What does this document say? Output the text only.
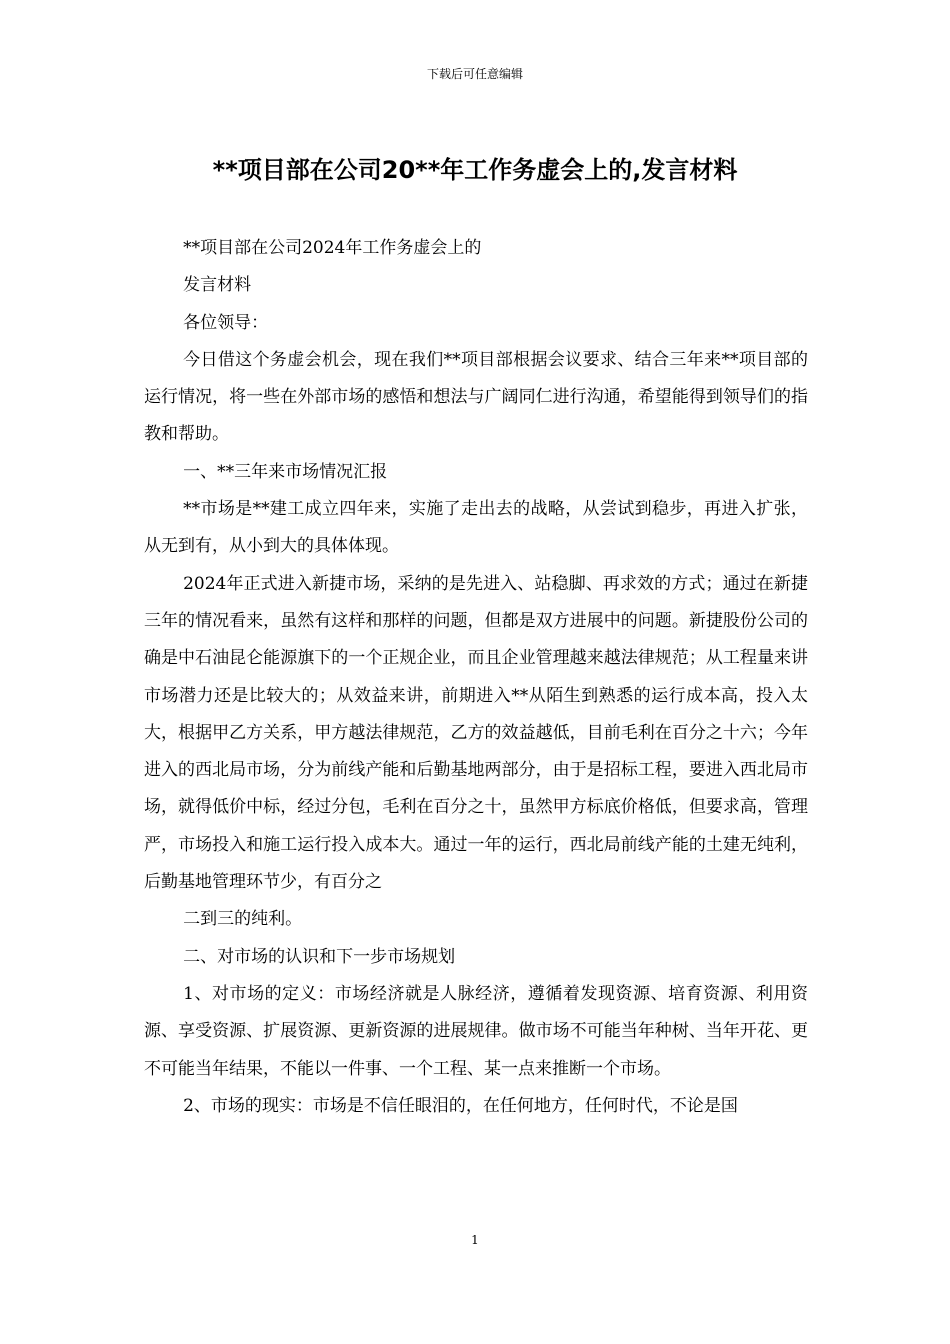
下载后可任意编辑
**项目部在公司20**年工作务虚会上的,发言材料

**项目部在公司2024年工作务虚会上的

发言材料

各位领导：

今日借这个务虚会机会，现在我们**项目部根据会议要求、结合三年来**项目部的运行情况，将一些在外部市场的感悟和想法与广阔同仁进行沟通，希望能得到领导们的指教和帮助。

一、**三年来市场情况汇报

**市场是**建工成立四年来，实施了走出去的战略，从尝试到稳步，再进入扩张，从无到有，从小到大的具体体现。

2024年正式进入新捷市场，采纳的是先进入、站稳脚、再求效的方式；通过在新捷三年的情况看来，虽然有这样和那样的问题，但都是双方进展中的问题。新捷股份公司的确是中石油昆仑能源旗下的一个正规企业，而且企业管理越来越法律规范；从工程量来讲市场潜力还是比较大的；从效益来讲，前期进入**从陌生到熟悉的运行成本高，投入太大，根据甲乙方关系，甲方越法律规范，乙方的效益越低，目前毛利在百分之十六；今年进入的西北局市场，分为前线产能和后勤基地两部分，由于是招标工程，要进入西北局市场，就得低价中标，经过分包，毛利在百分之十，虽然甲方标底价格低，但要求高，管理严，市场投入和施工运行投入成本大。通过一年的运行，西北局前线产能的土建无纯利，后勤基地管理环节少，有百分之

二到三的纯利。

二、对市场的认识和下一步市场规划

1、对市场的定义：市场经济就是人脉经济，遵循着发现资源、培育资源、利用资源、享受资源、扩展资源、更新资源的进展规律。做市场不可能当年种树、当年开花、更不可能当年结果，不能以一件事、一个工程、某一点来推断一个市场。

2、市场的现实：市场是不信任眼泪的，在任何地方，任何时代，不论是国

1
